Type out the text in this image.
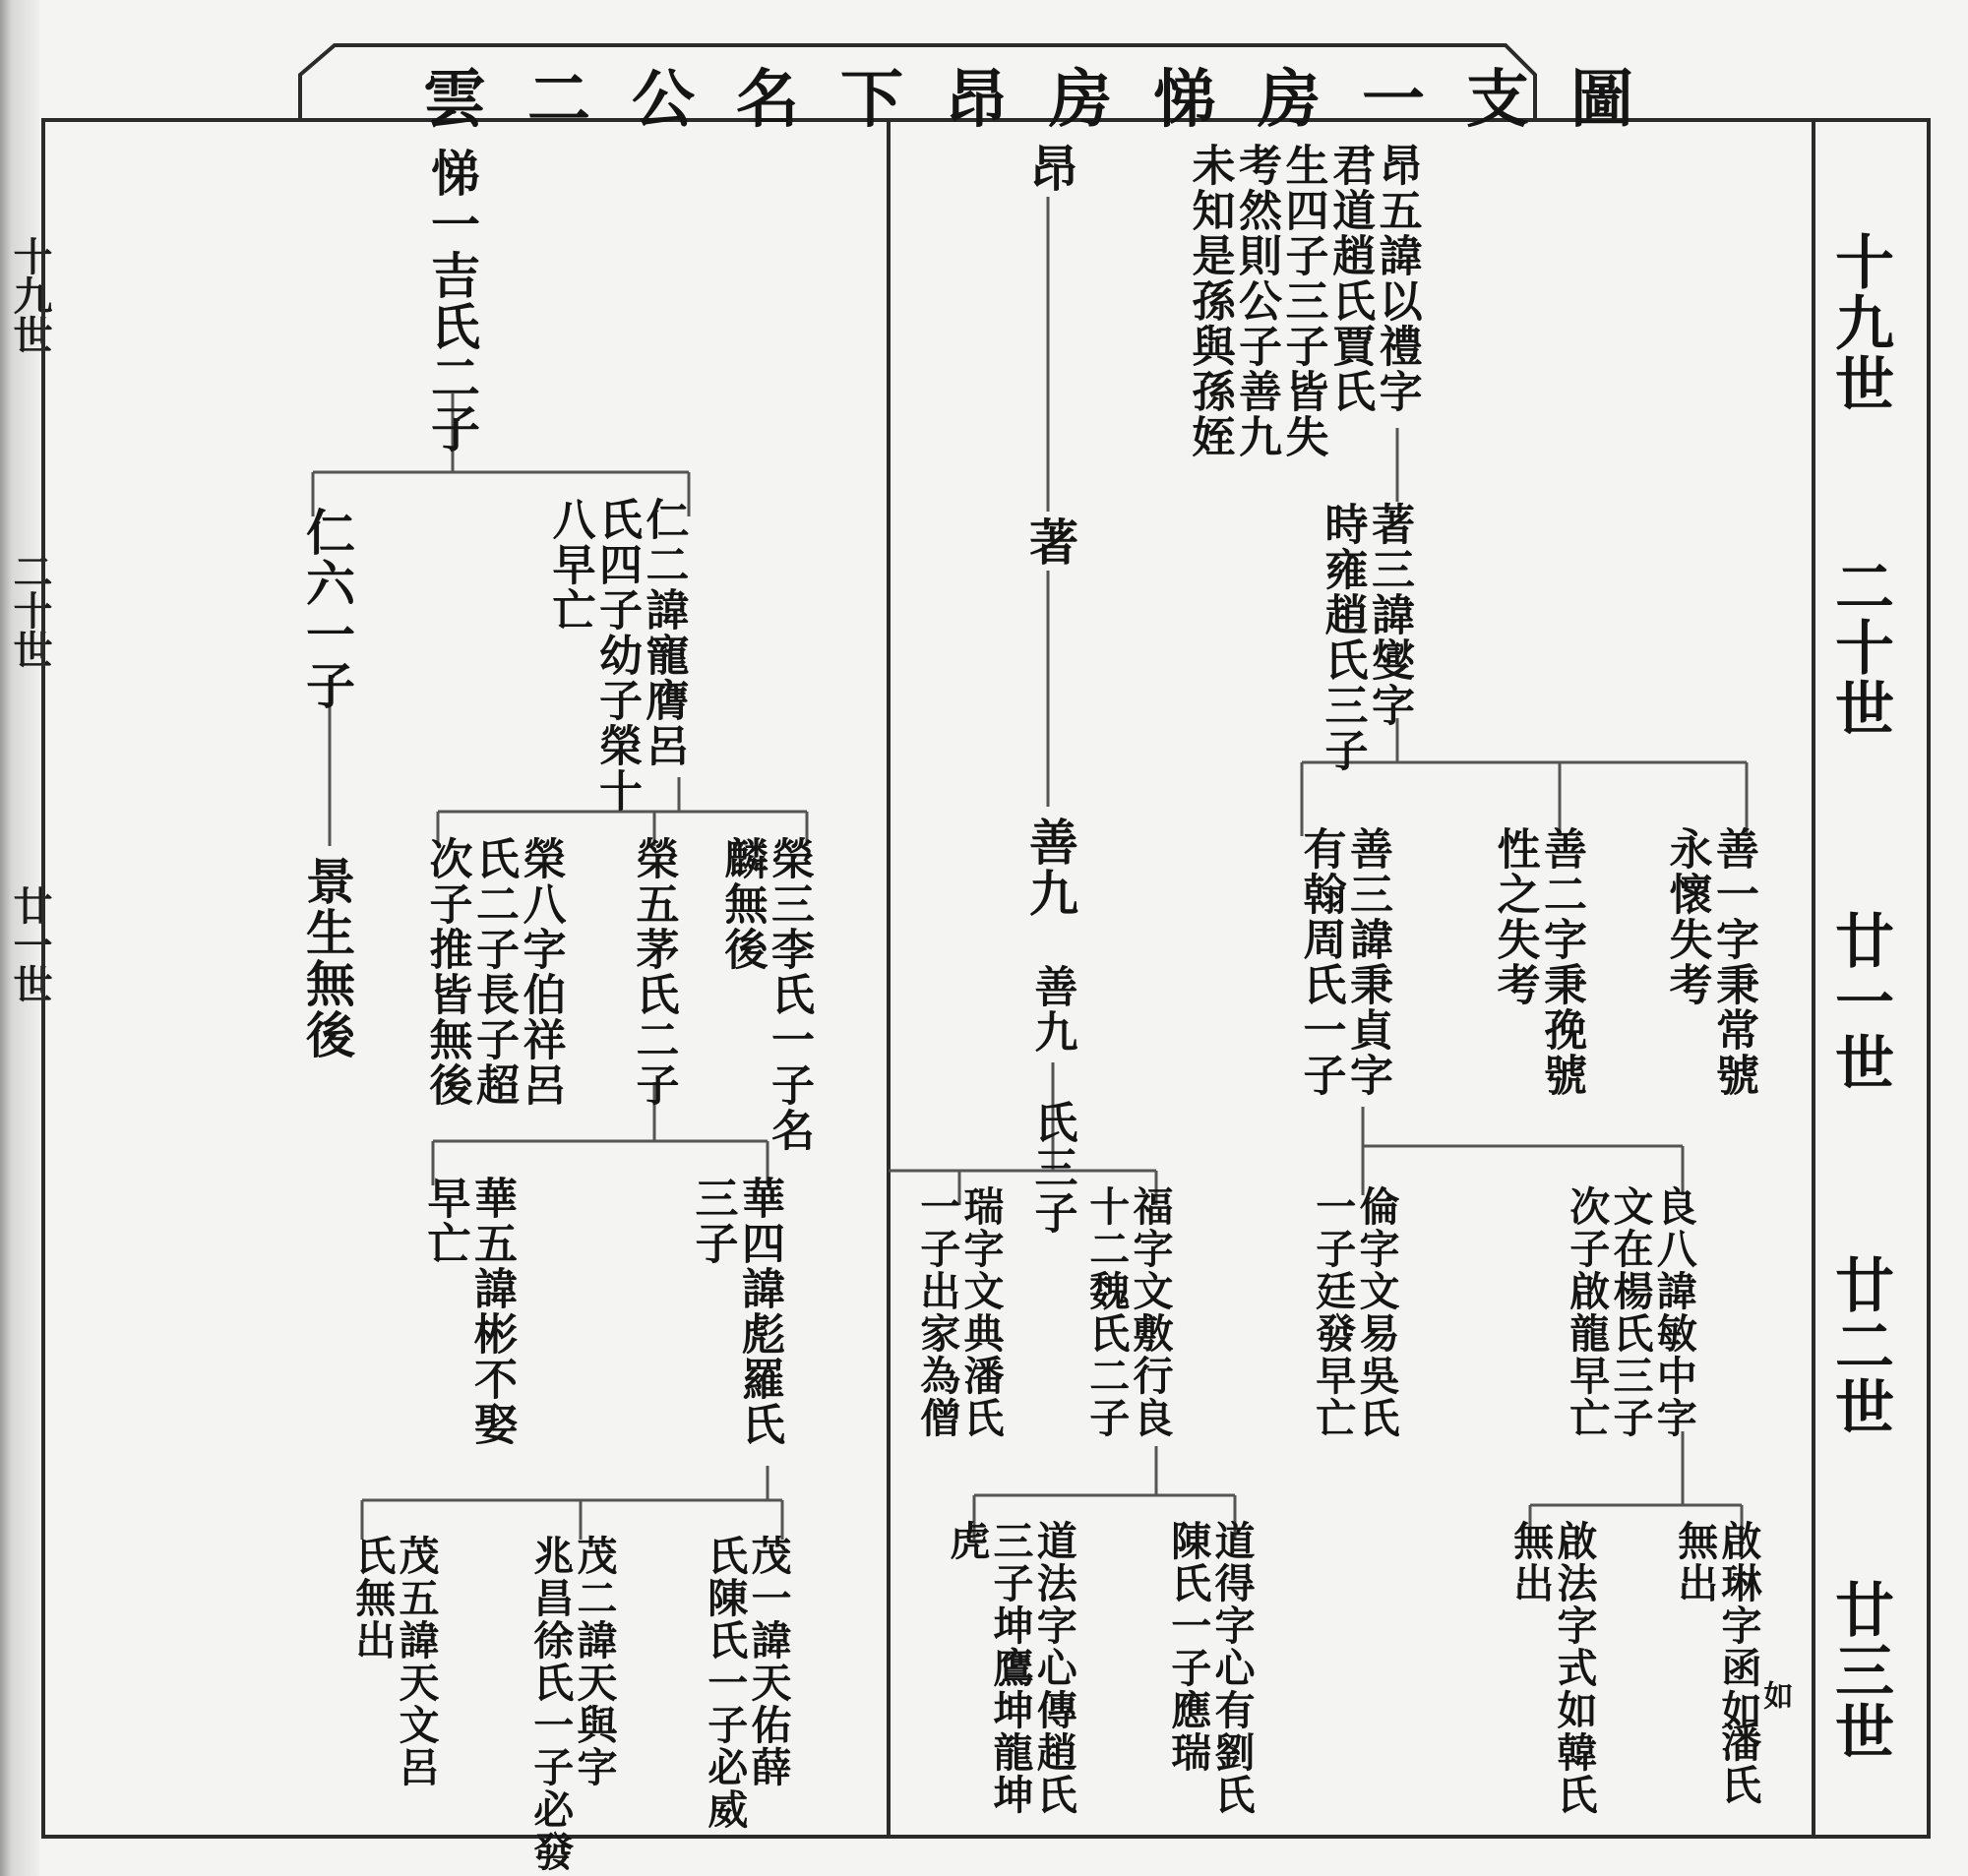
十九世
二十世
廿一世
雲二公名下昂房悌房一支圖
十九世
二十世
廿一世
廿二世
廿三世
昂
著
善九
昂五諱以禮字
君道趙氏賈氏
生四子三子皆失
考然則公子善九
未知是孫與孫姪
著三諱燮字
時雍趙氏三子
善九　氏三子
善一字秉常號
永懷失考
善二字秉㝃號
性之失考
善三諱秉貞字
有翰周氏一子
良八諱敏中字
文在楊氏三子
次子啟龍早亡
倫字文易吳氏
一子廷發早亡
福字文敷行良
十二魏氏二子
瑞字文典潘氏
一子出家為僧
啟琳字函如
無出
如
潘氏
啟法字式如韓氏
無出
道得字心有劉氏
陳氏一子應瑞
道法字心傳趙氏
三子坤鷹坤龍坤
虎
悌一吉氏二子
仁六一子	仁二諱寵膺呂
氏四子幼子榮十
八早亡
景生無後	榮三李氏一子名
麟無後
榮五茅氏二子
榮八字伯祥呂
氏二子長子超
次子推皆無後
華四諱彪羅氏
三子
華五諱彬不娶
早亡
茂一諱天佑薛
氏陳氏一子必威
茂二諱天與字
兆昌徐氏一子必發
茂五諱天文呂
氏無出
